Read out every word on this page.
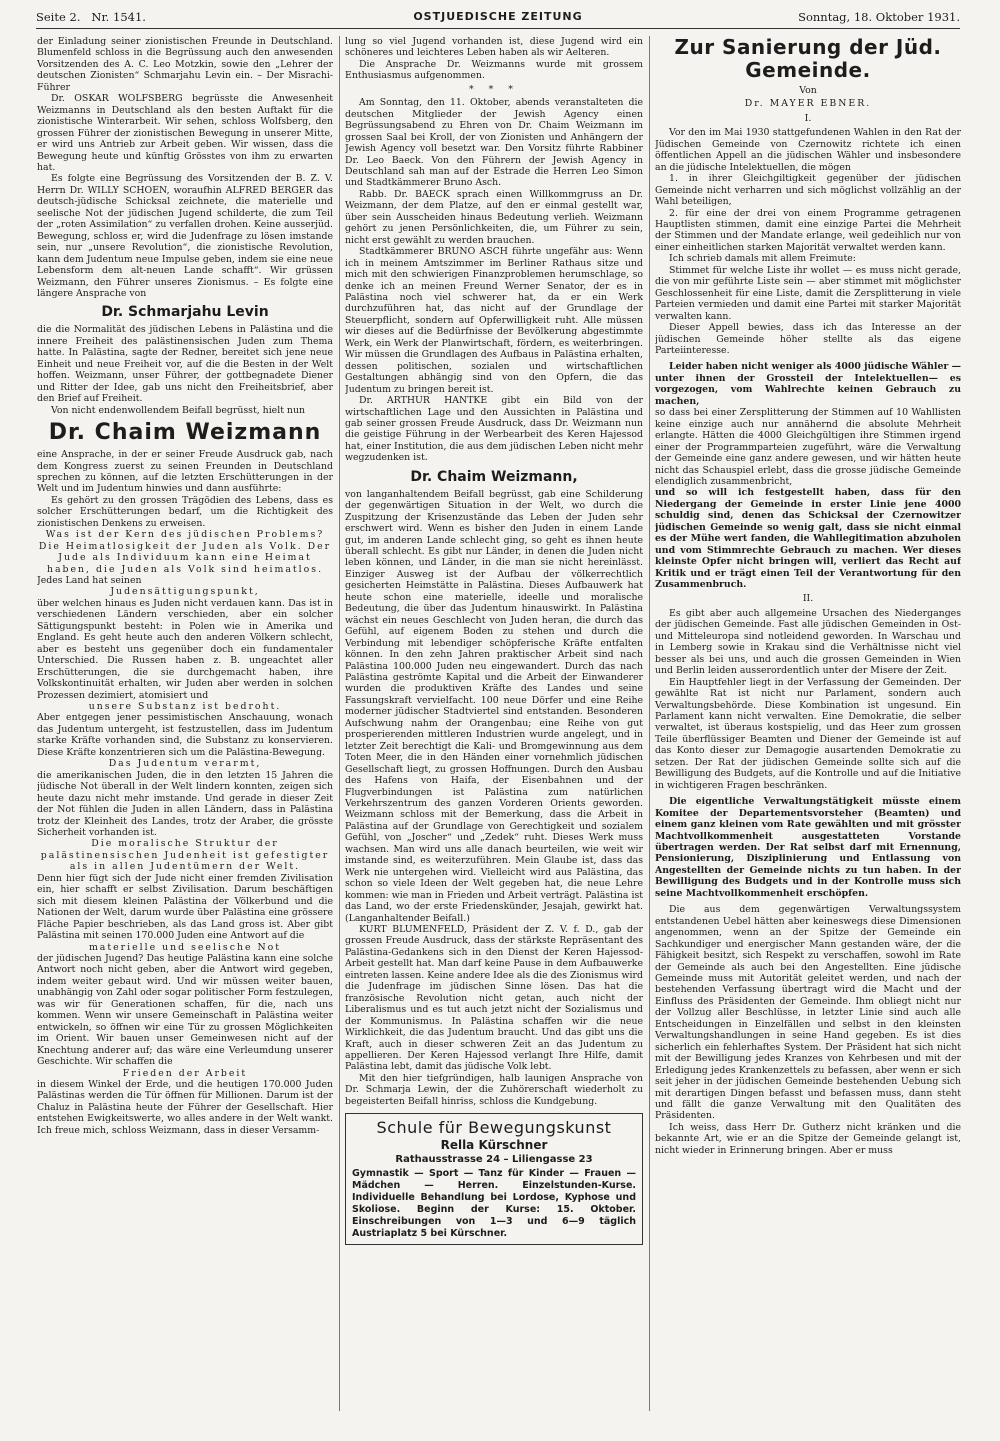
Seite 2. Nr. 1541.	OSTJUEDISCHE ZEITUNG	Sonntag, 18. Oktober 1931.

der Einladung seiner zionistischen Freunde in Deutschland. Blumenfeld schloss in die Begrüssung auch den anwesenden Vorsitzenden des A. C. Leo Motzkin, sowie den „Lehrer der deutschen Zionisten“ Schmarjahu Levin ein. – Der Misrachi-Führer

Dr. OSKAR WOLFSBERG begrüsste die Anwesenheit Weizmanns in Deutschland als den besten Auftakt für die zionistische Winterarbeit. Wir sehen, schloss Wolfsberg, den grossen Führer der zionistischen Bewegung in unserer Mitte, er wird uns Antrieb zur Arbeit geben. Wir wissen, dass die Bewegung heute und künftig Grösstes von ihm zu erwarten hat.

Es folgte eine Begrüssung des Vorsitzenden der B. Z. V. Herrn Dr. WILLY SCHOEN, woraufhin ALFRED BERGER das deutsch-jüdische Schicksal zeichnete, die materielle und seelische Not der jüdischen Jugend schilderte, die zum Teil der „roten Assimilation“ zu verfallen drohen. Keine ausserjüd. Bewegung, schloss er, wird die Judenfrage zu lösen imstande sein, nur „unsere Revolution“, die zionistische Revolution, kann dem Judentum neue Impulse geben, indem sie eine neue Lebensform dem alt-neuen Lande schafft“. Wir grüssen Weizmann, den Führer unseres Zionismus. – Es folgte eine längere Ansprache von

Dr. Schmarjahu Levin

die die Normalität des jüdischen Lebens in Palästina und die innere Freiheit des palästinensischen Juden zum Thema hatte. In Palästina, sagte der Redner, bereitet sich jene neue Einheit und neue Freiheit vor, auf die die Besten in der Welt hoffen. Weizmann, unser Führer, der gottbegnadete Diener und Ritter der Idee, gab uns nicht den Freiheitsbrief, aber den Brief auf Freiheit.

Von nicht endenwollendem Beifall begrüsst, hielt nun

Dr. Chaim Weizmann

eine Ansprache, in der er seiner Freude Ausdruck gab, nach dem Kongress zuerst zu seinen Freunden in Deutschland sprechen zu können, auf die letzten Erschütterungen in der Welt und im Judentum hinwies und dann ausführte:

Es gehört zu den grossen Trägödien des Lebens, dass es solcher Erschütterungen bedarf, um die Richtigkeit des zionistischen Denkens zu erweisen.

Was ist der Kern des jüdischen Problems? Die Heimatlosigkeit der Juden als Volk. Der Jude als Individuum kann eine Heimat haben, die Juden als Volk sind heimatlos.

Jedes Land hat seinen

Judensättigungspunkt,

über welchen hinaus es Juden nicht verdauen kann. Das ist in verschiedenen Ländern verschieden, aber ein solcher Sättigungspunkt besteht: in Polen wie in Amerika und England. Es geht heute auch den anderen Völkern schlecht, aber es besteht uns gegenüber doch ein fundamentaler Unterschied. Die Russen haben z. B. ungeachtet aller Erschütterungen, die sie durchgemacht haben, ihre Volkskontinuität erhalten, wir Juden aber werden in solchen Prozessen dezimiert, atomisiert und

unsere Substanz ist bedroht.

Aber entgegen jener pessimistischen Anschauung, wonach das Judentum untergeht, ist festzustellen, dass im Judentum starke Kräfte vorhanden sind, die Substanz zu konservieren. Diese Kräfte konzentrieren sich um die Palästina-Bewegung.

Das Judentum verarmt,

die amerikanischen Juden, die in den letzten 15 Jahren die jüdische Not überall in der Welt lindern konnten, zeigen sich heute dazu nicht mehr imstande. Und gerade in dieser Zeit der Not fühlen die Juden in allen Ländern, dass in Palästina trotz der Kleinheit des Landes, trotz der Araber, die grösste Sicherheit vorhanden ist.

Die moralische Struktur der palästinensischen Judenheit ist gefestigter als in allen Judentümern der Welt.

Denn hier fügt sich der Jude nicht einer fremden Zivilisation ein, hier schafft er selbst Zivilisation. Darum beschäftigen sich mit diesem kleinen Palästina der Völkerbund und die Nationen der Welt, darum wurde über Palästina eine grössere Fläche Papier beschrieben, als das Land gross ist. Aber gibt Palästina mit seinen 170.000 Juden eine Antwort auf die

materielle und seelische Not

der jüdischen Jugend? Das heutige Palästina kann eine solche Antwort noch nicht geben, aber die Antwort wird gegeben, indem weiter gebaut wird. Und wir müssen weiter bauen, unabhängig von Zahl oder sogar politischer Form festzulegen, was wir für Generationen schaffen, für die, nach uns kommen. Wenn wir unsere Gemeinschaft in Palästina weiter entwickeln, so öffnen wir eine Tür zu grossen Möglichkeiten im Orient. Wir bauen unser Gemeinwesen nicht auf der Knechtung anderer auf; das wäre eine Verleumdung unserer Geschichte. Wir schaffen die

Frieden der Arbeit

in diesem Winkel der Erde, und die heutigen 170.000 Juden Palästinas werden die Tür öffnen für Millionen. Darum ist der Chaluz in Palästina heute der Führer der Gesellschaft. Hier entstehen Ewigkeitswerte, wo alles andere in der Welt wankt. Ich freue mich, schloss Weizmann, dass in dieser Versamm-

lung so viel Jugend vorhanden ist, diese Jugend wird ein schöneres und leichteres Leben haben als wir Aelteren.

Die Ansprache Dr. Weizmanns wurde mit grossem Enthusiasmus aufgenommen.

* * *

Am Sonntag, den 11. Oktober, abends veranstalteten die deutschen Mitglieder der Jewish Agency einen Begrüssungsabend zu Ehren von Dr. Chaim Weizmann im grossen Saal bei Kroll, der von Zionisten und Anhängern der Jewish Agency voll besetzt war. Den Vorsitz führte Rabbiner Dr. Leo Baeck. Von den Führern der Jewish Agency in Deutschland sah man auf der Estrade die Herren Leo Simon und Stadtkämmerer Bruno Asch.

Rabb. Dr. BAECK sprach einen Willkommgruss an Dr. Weizmann, der dem Platze, auf den er einmal gestellt war, über sein Ausscheiden hinaus Bedeutung verlieh. Weizmann gehört zu jenen Persönlichkeiten, die, um Führer zu sein, nicht erst gewählt zu werden brauchen.

Stadtkämmerer BRUNO ASCH führte ungefähr aus: Wenn ich in meinem Amtszimmer im Berliner Rathaus sitze und mich mit den schwierigen Finanzproblemen herumschlage, so denke ich an meinen Freund Werner Senator, der es in Palästina noch viel schwerer hat, da er ein Werk durchzuführen hat, das nicht auf der Grundlage der Steuerpflicht, sondern auf Opferwilligkeit ruht. Alle müssen wir dieses auf die Bedürfnisse der Bevölkerung abgestimmte Werk, ein Werk der Planwirtschaft, fördern, es weiterbringen. Wir müssen die Grundlagen des Aufbaus in Palästina erhalten, dessen politischen, sozialen und wirtschaftlichen Gestaltungen abhängig sind von den Opfern, die das Judentum zu bringen bereit ist.

Dr. ARTHUR HANTKE gibt ein Bild von der wirtschaftlichen Lage und den Aussichten in Palästina und gab seiner grossen Freude Ausdruck, dass Dr. Weizmann nun die geistige Führung in der Werbearbeit des Keren Hajessod hat, einer Institution, die aus dem jüdischen Leben nicht mehr wegzudenken ist.

Dr. Chaim Weizmann,

von langanhaltendem Beifall begrüsst, gab eine Schilderung der gegenwärtigen Situation in der Welt, wo durch die Zuspitzung der Krisenzustände das Leben der Juden sehr erschwert wird. Wenn es bisher den Juden in einem Lande gut, im anderen Lande schlecht ging, so geht es ihnen heute überall schlecht. Es gibt nur Länder, in denen die Juden nicht leben können, und Länder, in die man sie nicht hereinlässt. Einziger Ausweg ist der Aufbau der völkerrechtlich gesicherten Heimstätte in Palästina. Dieses Aufbauwerk hat heute schon eine materielle, ideelle und moralische Bedeutung, die über das Judentum hinauswirkt. In Palästina wächst ein neues Geschlecht von Juden heran, die durch das Gefühl, auf eigenem Boden zu stehen und durch die Verbindung mit lebendiger schöpferische Kräfte entfalten können. In den zehn Jahren praktischer Arbeit sind nach Palästina 100.000 Juden neu eingewandert. Durch das nach Palästina geströmte Kapital und die Arbeit der Einwanderer wurden die produktiven Kräfte des Landes und seine Fassungskraft vervielfacht. 100 neue Dörfer und eine Reihe moderner jüdischer Stadtviertel sind entstanden. Besonderen Aufschwung nahm der Orangenbau; eine Reihe von gut prosperierenden mittleren Industrien wurde angelegt, und in letzter Zeit berechtigt die Kali- und Bromgewinnung aus dem Toten Meer, die in den Händen einer vornehmlich jüdischen Gesellschaft liegt, zu grossen Hoffnungen. Durch den Ausbau des Hafens von Haifa, der Eisenbahnen und der Flugverbindungen ist Palästina zum natürlichen Verkehrszentrum des ganzen Vorderen Orients geworden. Weizmann schloss mit der Bemerkung, dass die Arbeit in Palästina auf der Grundlage von Gerechtigkeit und sozialem Gefühl, von „Joscher“ und „Zedek“ ruht. Dieses Werk muss wachsen. Man wird uns alle danach beurteilen, wie weit wir imstande sind, es weiterzuführen. Mein Glaube ist, dass das Werk nie untergehen wird. Vielleicht wird aus Palästina, das schon so viele Ideen der Welt gegeben hat, die neue Lehre kommen: wie man in Frieden und Arbeit verträgt. Palästina ist das Land, wo der erste Friedenskünder, Jesajah, gewirkt hat. (Langanhaltender Beifall.)

KURT BLUMENFELD, Präsident der Z. V. f. D., gab der grossen Freude Ausdruck, dass der stärkste Repräsentant des Palästina-Gedankens sich in den Dienst der Keren Hajessod-Arbeit gestellt hat. Man darf keine Pause in dem Aufbauwerke eintreten lassen. Keine andere Idee als die des Zionismus wird die Judenfrage im jüdischen Sinne lösen. Das hat die französische Revolution nicht getan, auch nicht der Liberalismus und es tut auch jetzt nicht der Sozialismus und der Kommunismus. In Palästina schaffen wir die neue Wirklichkeit, die das Judentum braucht. Und das gibt uns die Kraft, auch in dieser schweren Zeit an das Judentum zu appellieren. Der Keren Hajessod verlangt Ihre Hilfe, damit Palästina lebt, damit das jüdische Volk lebt.

Mit den hier tiefgründigen, halb launigen Ansprache von Dr. Schmarja Lewin, der die Zuhörerschaft wiederholt zu begeisterten Beifall hinriss, schloss die Kundgebung.

Schule für Bewegungskunst
Rella Kürschner
Rathausstrasse 24 – Liliengasse 23
Gymnastik — Sport — Tanz für Kinder — Frauen — Mädchen — Herren. Einzelstunden-Kurse. Individuelle Behandlung bei Lordose, Kyphose und Skoliose. Beginn der Kurse: 15. Oktober. Einschreibungen von 1—3 und 6—9 täglich Austriaplatz 5 bei Kürschner.
Zur Sanierung der Jüd. Gemeinde.
Von
Dr. MAYER EBNER.
I.

Vor den im Mai 1930 stattgefundenen Wahlen in den Rat der Jüdischen Gemeinde von Czernowitz richtete ich einen öffentlichen Appell an die jüdischen Wähler und insbesondere an die jüdische Intelektuellen, die mögen

1. in ihrer Gleichgiltigkeit gegenüber der jüdischen Gemeinde nicht verharren und sich möglichst vollzählig an der Wahl beteiligen,

2. für eine der drei von einem Programme getragenen Hauptlisten stimmen, damit eine einzige Partei die Mehrheit der Stimmen und der Mandate erlange, weil gedeihlich nur von einer einheitlichen starken Majorität verwaltet werden kann.

Ich schrieb damals mit allem Freimute:

Stimmet für welche Liste ihr wollet — es muss nicht gerade, die von mir geführte Liste sein — aber stimmet mit möglichster Geschlossenheit für eine Liste, damit die Zersplitterung in viele Parteien vermieden und damit eine Partei mit starker Majorität verwalten kann.

Dieser Appell bewies, dass ich das Interesse an der jüdischen Gemeinde höher stellte als das eigene Parteiinteresse.

Leider haben nicht weniger als 4000 jüdische Wähler — unter ihnen der Grossteil der Intelektuellen— es vorgezogen, vom Wahlrechte keinen Gebrauch zu machen,

so dass bei einer Zersplitterung der Stimmen auf 10 Wahllisten keine einzige auch nur annähernd die absolute Mehrheit erlangte. Hätten die 4000 Gleichgültigen ihre Stimmen irgend einer der Programmparteien zugeführt, wäre die Verwaltung der Gemeinde eine ganz andere gewesen, und wir hätten heute nicht das Schauspiel erlebt, dass die grosse jüdische Gemeinde elendiglich zusammenbricht,

und so will ich festgestellt haben, dass für den Niedergang der Gemeinde in erster Linie jene 4000 schuldig sind, denen das Schicksal der Czernowitzer jüdischen Gemeinde so wenig galt, dass sie nicht einmal es der Mühe wert fanden, die Wahllegitimation abzuholen und vom Stimmrechte Gebrauch zu machen. Wer dieses kleinste Opfer nicht bringen will, verliert das Recht auf Kritik und er trägt einen Teil der Verantwortung für den Zusammenbruch.

II.

Es gibt aber auch allgemeine Ursachen des Niederganges der jüdischen Gemeinde. Fast alle jüdischen Gemeinden in Ost- und Mitteleuropa sind notleidend geworden. In Warschau und in Lemberg sowie in Krakau sind die Verhältnisse nicht viel besser als bei uns, und auch die grossen Gemeinden in Wien und Berlin leiden ausserordentlich unter der Misere der Zeit.

Ein Hauptfehler liegt in der Verfassung der Gemeinden. Der gewählte Rat ist nicht nur Parlament, sondern auch Verwaltungsbehörde. Diese Kombination ist ungesund. Ein Parlament kann nicht verwalten. Eine Demokratie, die selber verwaltet, ist überaus kostspielig, und das Heer zum grossen Teile überflüssiger Beamten und Diener der Gemeinde ist auf das Konto dieser zur Demagogie ausartenden Demokratie zu setzen. Der Rat der jüdischen Gemeinde sollte sich auf die Bewilligung des Budgets, auf die Kontrolle und auf die Initiative in wichtigeren Fragen beschränken.

Die eigentliche Verwaltungstätigkeit müsste einem Komitee der Departementsvorsteher (Beamten) und einem ganz kleinen vom Rate gewählten und mit grösster Machtvollkommenheit ausgestatteten Vorstande übertragen werden. Der Rat selbst darf mit Ernennung, Pensionierung, Disziplinierung und Entlassung von Angestellten der Gemeinde nichts zu tun haben. In der Bewilligung des Budgets und in der Kontrolle muss sich seine Machtvollkommenheit erschöpfen.

Die aus dem gegenwärtigen Verwaltungssystem entstandenen Uebel hätten aber keineswegs diese Dimensionen angenommen, wenn an der Spitze der Gemeinde ein Sachkundiger und energischer Mann gestanden wäre, der die Fähigkeit besitzt, sich Respekt zu verschaffen, sowohl im Rate der Gemeinde als auch bei den Angestellten. Eine jüdische Gemeinde muss mit Autorität geleitet werden, und nach der bestehenden Verfassung übertragt wird die Macht und der Einfluss des Präsidenten der Gemeinde. Ihm obliegt nicht nur der Vollzug aller Beschlüsse, in letzter Linie sind auch alle Entscheidungen in Einzelfällen und selbst in den kleinsten Verwaltungshandlungen in seine Hand gegeben. Es ist dies sicherlich ein fehlerhaftes System. Der Präsident hat sich nicht mit der Bewilligung jedes Kranzes von Kehrbesen und mit der Erledigung jedes Krankenzettels zu befassen, aber wenn er sich seit jeher in der jüdischen Gemeinde bestehenden Uebung sich mit derartigen Dingen befasst und befassen muss, dann steht und fällt die ganze Verwaltung mit den Qualitäten des Präsidenten.

Ich weiss, dass Herr Dr. Gutherz nicht kränken und die bekannte Art, wie er an die Spitze der Gemeinde gelangt ist, nicht wieder in Erinnerung bringen. Aber er muss
